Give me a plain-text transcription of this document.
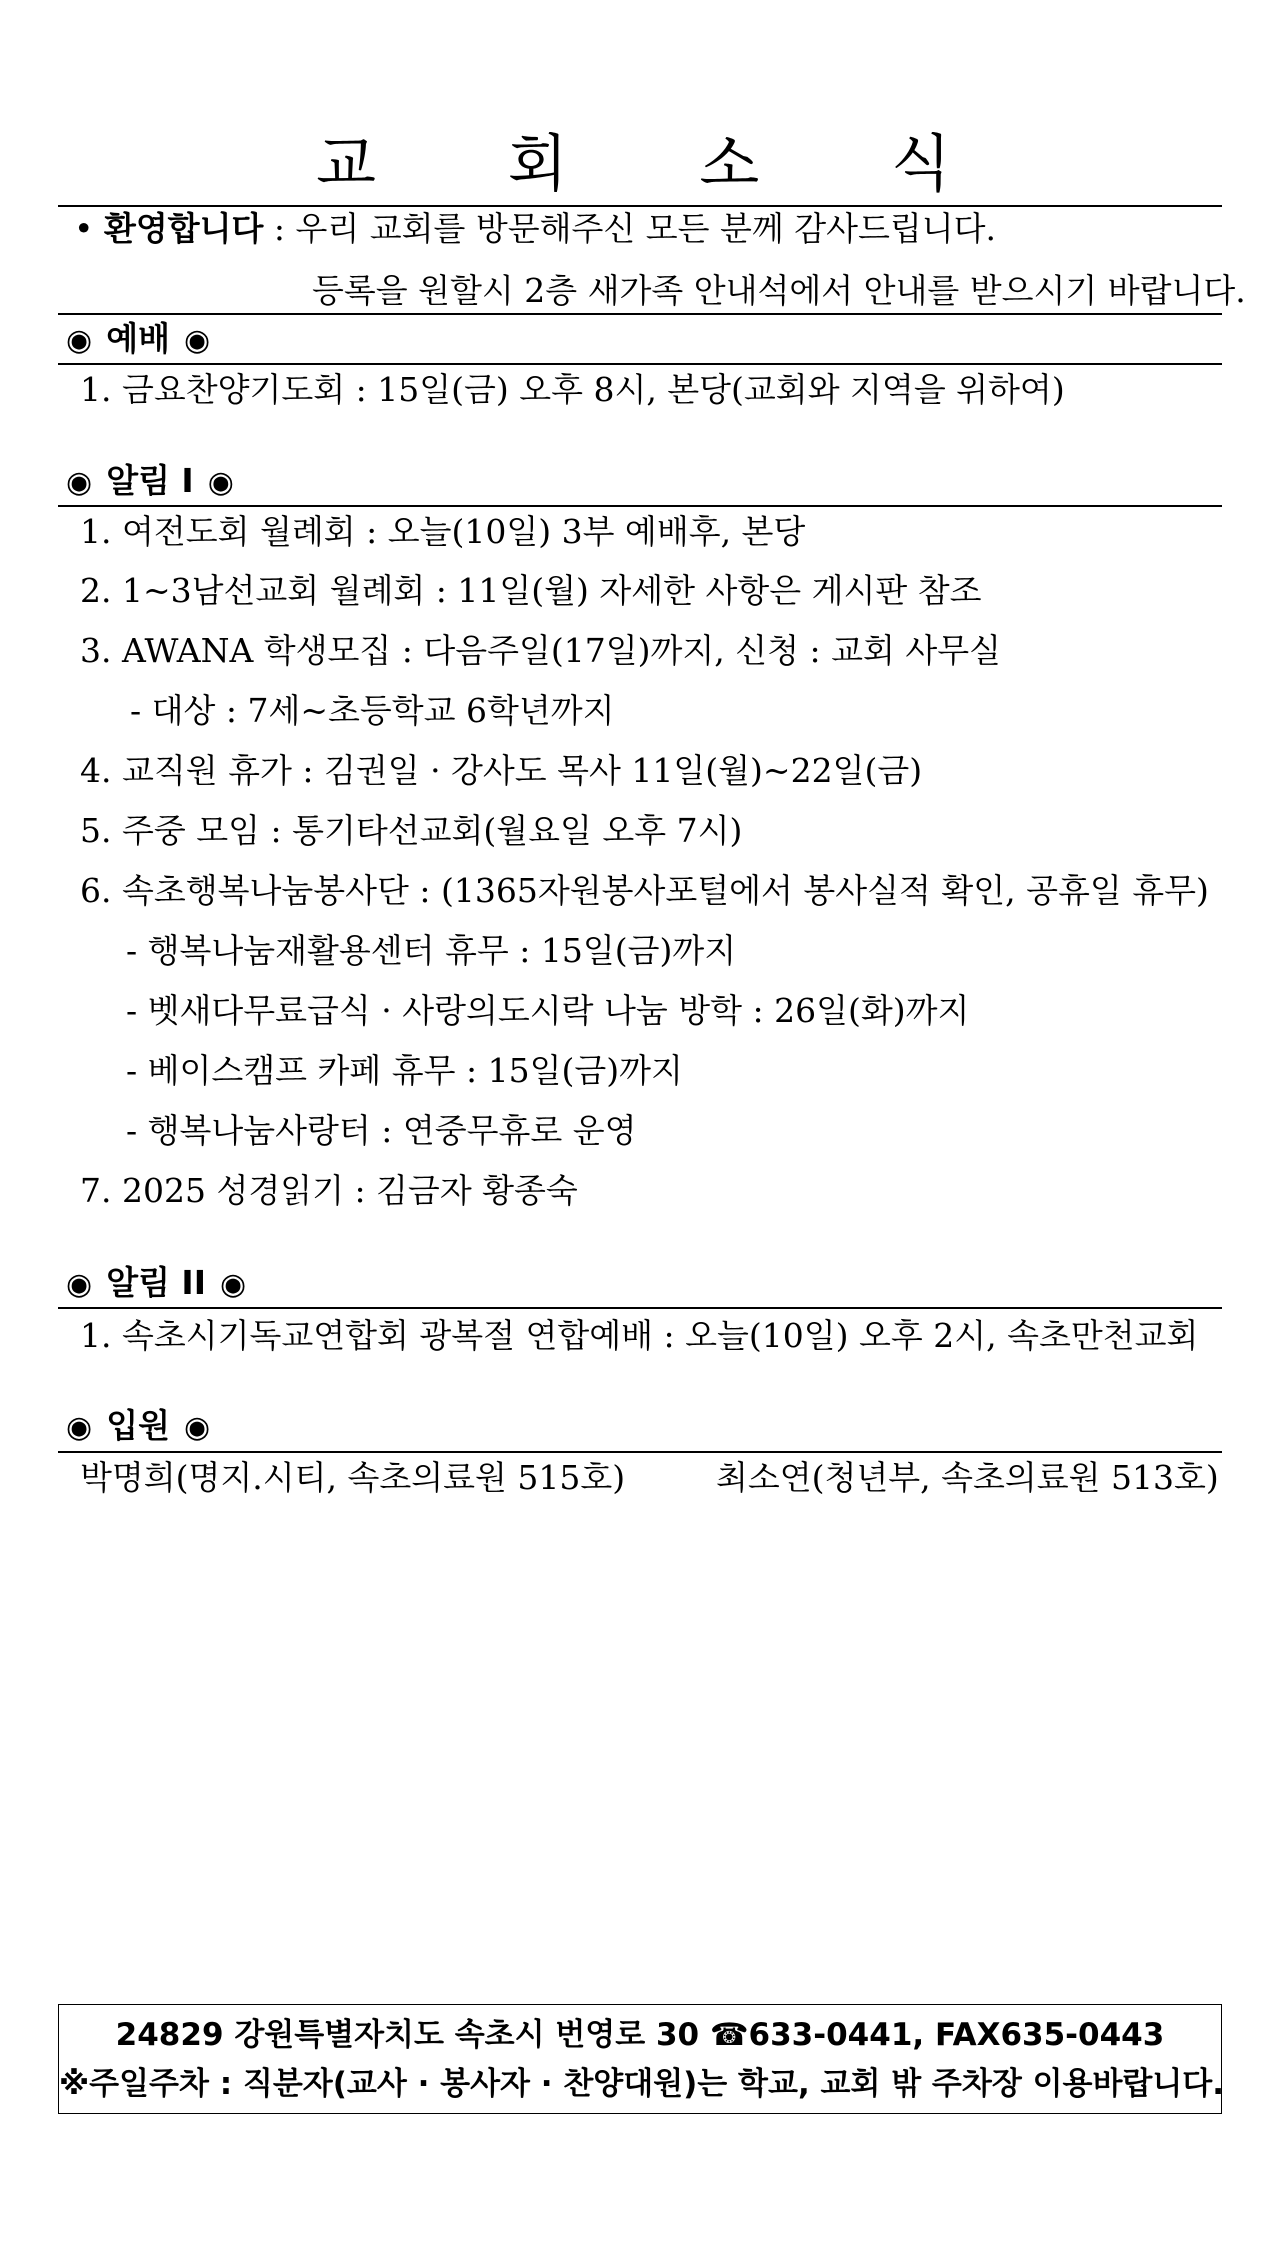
교 회 소 식
• 환영합니다 : 우리 교회를 방문해주신 모든 분께 감사드립니다.
등록을 원할시 2층 새가족 안내석에서 안내를 받으시기 바랍니다.
◉ 예배 ◉
1. 금요찬양기도회 : 15일(금) 오후 8시, 본당(교회와 지역을 위하여)
◉ 알림 I ◉
1. 여전도회 월례회 : 오늘(10일) 3부 예배후, 본당
2. 1~3남선교회 월례회 : 11일(월) 자세한 사항은 게시판 참조
3. AWANA 학생모집 : 다음주일(17일)까지, 신청 : 교회 사무실
- 대상 : 7세~초등학교 6학년까지
4. 교직원 휴가 : 김권일 · 강사도 목사 11일(월)~22일(금)
5. 주중 모임 : 통기타선교회(월요일 오후 7시)
6. 속초행복나눔봉사단 : (1365자원봉사포털에서 봉사실적 확인, 공휴일 휴무)
- 행복나눔재활용센터 휴무 : 15일(금)까지
- 벳새다무료급식 · 사랑의도시락 나눔 방학 : 26일(화)까지
- 베이스캠프 카페 휴무 : 15일(금)까지
- 행복나눔사랑터 : 연중무휴로 운영
7. 2025 성경읽기 : 김금자 황종숙
◉ 알림 II ◉
1. 속초시기독교연합회 광복절 연합예배 : 오늘(10일) 오후 2시, 속초만천교회
◉ 입원 ◉
박명희(명지.시티, 속초의료원 515호)	최소연(청년부, 속초의료원 513호)
24829 강원특별자치도 속초시 번영로 30 ☎633-0441, FAX635-0443
※주일주차 : 직분자(교사 · 봉사자 · 찬양대원)는 학교, 교회 밖 주차장 이용바랍니다.
